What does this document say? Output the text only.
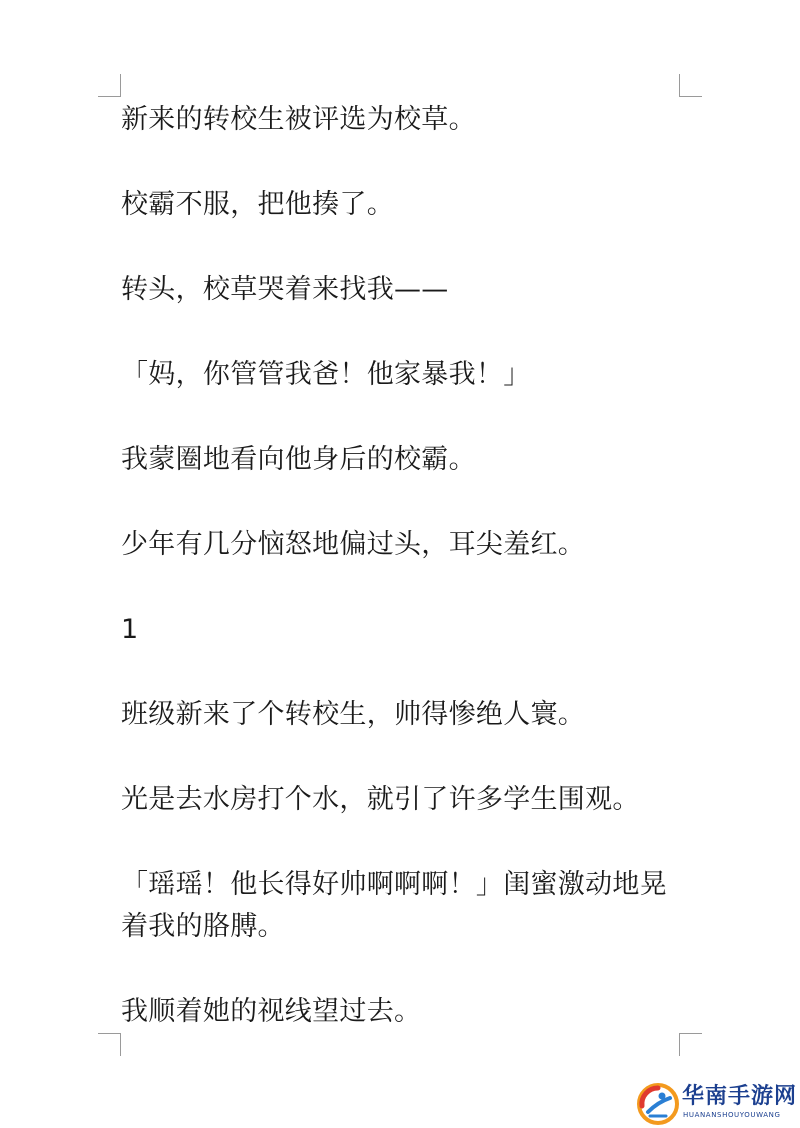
新来的转校生被评选为校草。

校霸不服，把他揍了。

转头，校草哭着来找我——

「妈，你管管我爸！他家暴我！」

我蒙圈地看向他身后的校霸。

少年有几分恼怒地偏过头，耳尖羞红。

1

班级新来了个转校生，帅得惨绝人寰。

光是去水房打个水，就引了许多学生围观。

「瑶瑶！他长得好帅啊啊啊！」闺蜜激动地晃着我的胳膊。

我顺着她的视线望过去。

华南手游网
HUANANSHOUYOUWANG
